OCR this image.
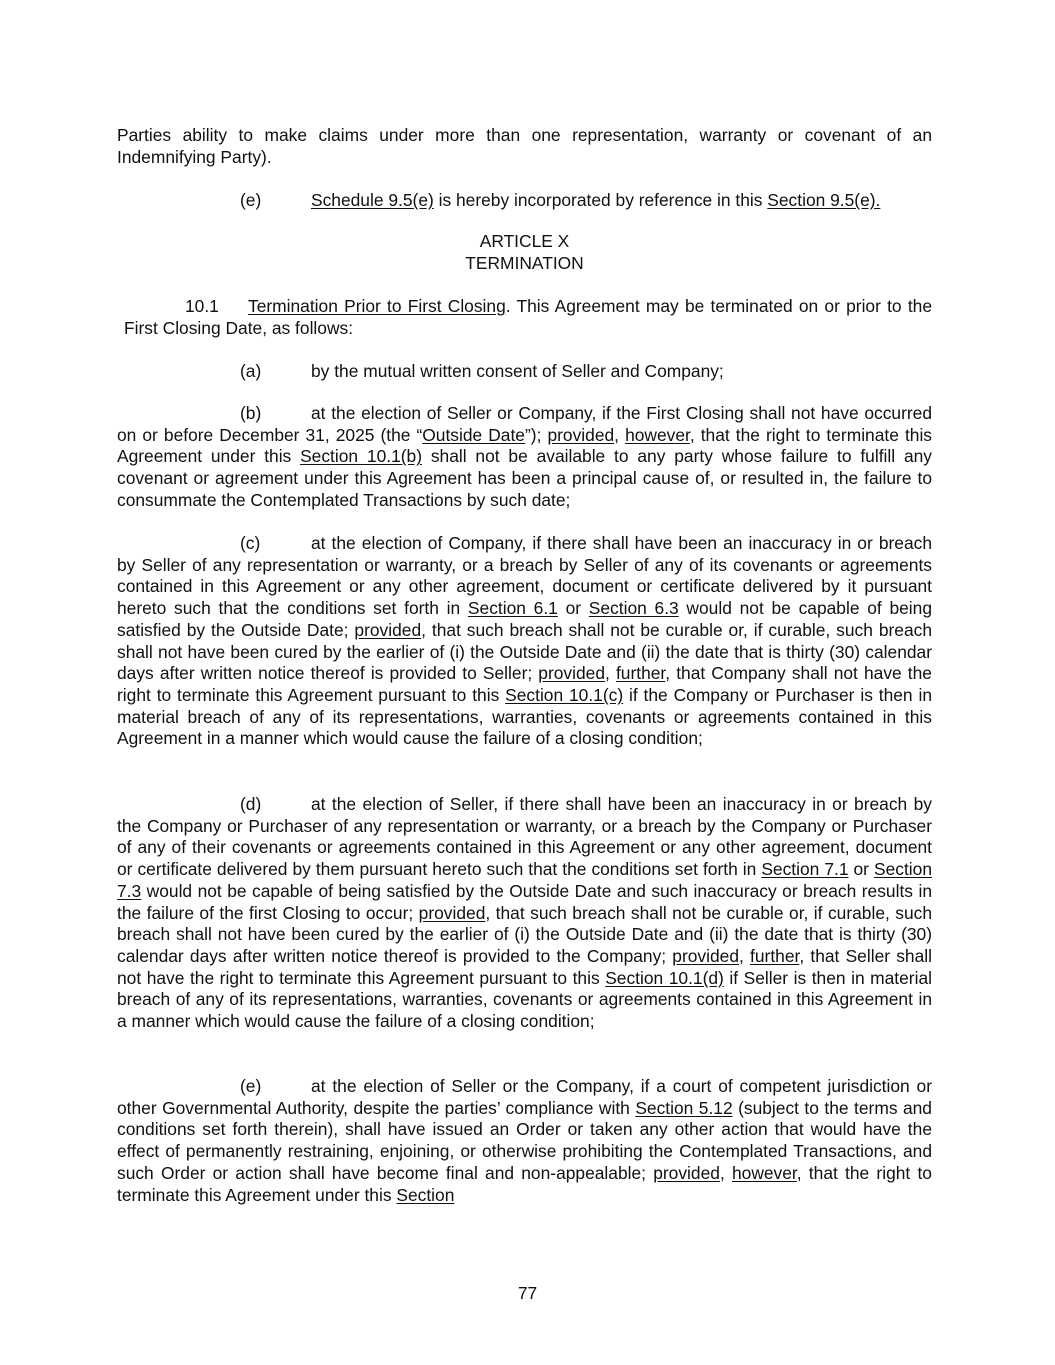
Parties ability to make claims under more than one representation, warranty or covenant of an Indemnifying Party).

(e)	Schedule 9.5(e) is hereby incorporated by reference in this Section 9.5(e).

ARTICLE X
TERMINATION

10.1 Termination Prior to First Closing. This Agreement may be terminated on or prior to the First Closing Date, as follows:

(a)	by the mutual written consent of Seller and Company;

(b)	at the election of Seller or Company, if the First Closing shall not have occurred on or before December 31, 2025 (the “Outside Date”); provided, however, that the right to terminate this Agreement under this Section 10.1(b) shall not be available to any party whose failure to fulfill any covenant or agreement under this Agreement has been a principal cause of, or resulted in, the failure to consummate the Contemplated Transactions by such date;

(c)	at the election of Company, if there shall have been an inaccuracy in or breach by Seller of any representation or warranty, or a breach by Seller of any of its covenants or agreements contained in this Agreement or any other agreement, document or certificate delivered by it pursuant hereto such that the conditions set forth in Section 6.1 or Section 6.3 would not be capable of being satisfied by the Outside Date; provided, that such breach shall not be curable or, if curable, such breach shall not have been cured by the earlier of (i) the Outside Date and (ii) the date that is thirty (30) calendar days after written notice thereof is provided to Seller; provided, further, that Company shall not have the right to terminate this Agreement pursuant to this Section 10.1(c) if the Company or Purchaser is then in material breach of any of its representations, warranties, covenants or agreements contained in this Agreement in a manner which would cause the failure of a closing condition;

(d)	at the election of Seller, if there shall have been an inaccuracy in or breach by the Company or Purchaser of any representation or warranty, or a breach by the Company or Purchaser of any of their covenants or agreements contained in this Agreement or any other agreement, document or certificate delivered by them pursuant hereto such that the conditions set forth in Section 7.1 or Section 7.3 would not be capable of being satisfied by the Outside Date and such inaccuracy or breach results in the failure of the first Closing to occur; provided, that such breach shall not be curable or, if curable, such breach shall not have been cured by the earlier of (i) the Outside Date and (ii) the date that is thirty (30) calendar days after written notice thereof is provided to the Company; provided, further, that Seller shall not have the right to terminate this Agreement pursuant to this Section 10.1(d) if Seller is then in material breach of any of its representations, warranties, covenants or agreements contained in this Agreement in a manner which would cause the failure of a closing condition;

(e)	at the election of Seller or the Company, if a court of competent jurisdiction or other Governmental Authority, despite the parties’ compliance with Section 5.12 (subject to the terms and conditions set forth therein), shall have issued an Order or taken any other action that would have the effect of permanently restraining, enjoining, or otherwise prohibiting the Contemplated Transactions, and such Order or action shall have become final and non-appealable; provided, however, that the right to terminate this Agreement under this Section

77
